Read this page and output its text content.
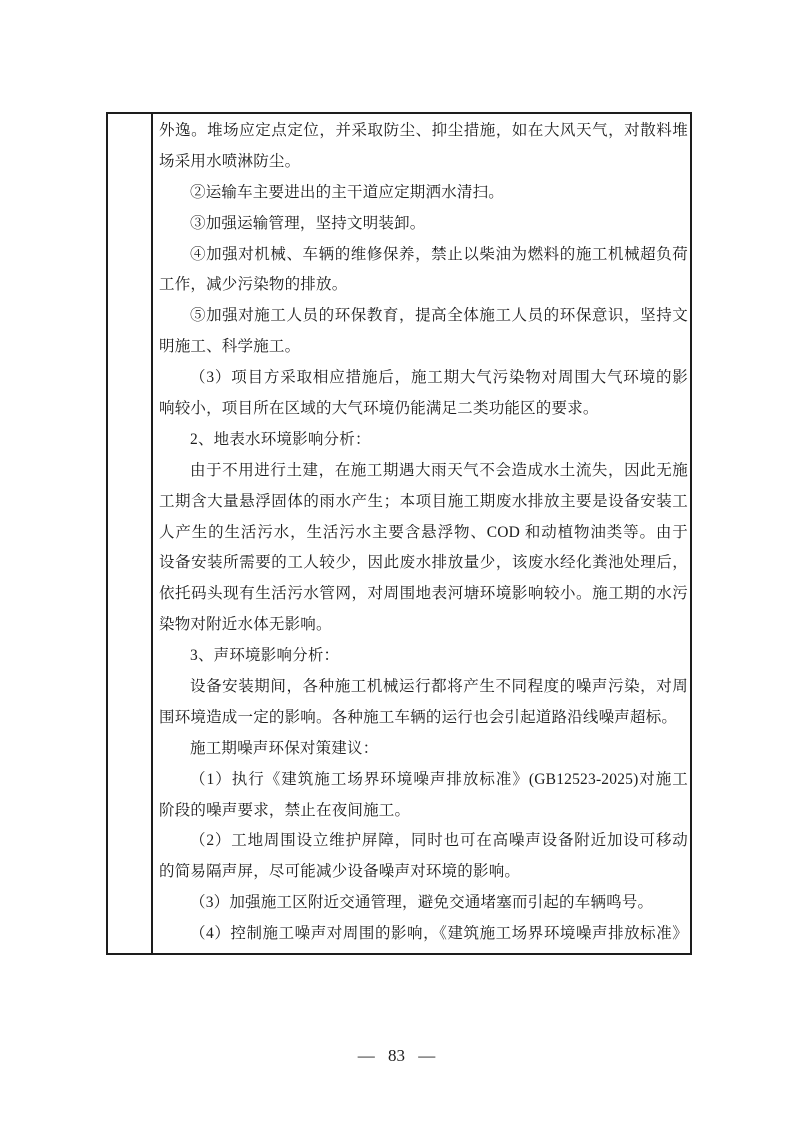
外逸。堆场应定点定位，并采取防尘、抑尘措施，如在大风天气，对散料堆
场采用水喷淋防尘。
②运输车主要进出的主干道应定期洒水清扫。
③加强运输管理，坚持文明装卸。
④加强对机械、车辆的维修保养，禁止以柴油为燃料的施工机械超负荷
工作，减少污染物的排放。
⑤加强对施工人员的环保教育，提高全体施工人员的环保意识，坚持文
明施工、科学施工。
（3）项目方采取相应措施后，施工期大气污染物对周围大气环境的影
响较小，项目所在区域的大气环境仍能满足二类功能区的要求。
2、地表水环境影响分析：
由于不用进行土建，在施工期遇大雨天气不会造成水土流失，因此无施
工期含大量悬浮固体的雨水产生；本项目施工期废水排放主要是设备安装工
人产生的生活污水，生活污水主要含悬浮物、COD 和动植物油类等。由于
设备安装所需要的工人较少，因此废水排放量少，该废水经化粪池处理后，
依托码头现有生活污水管网，对周围地表河塘环境影响较小。施工期的水污
染物对附近水体无影响。
3、声环境影响分析：
设备安装期间，各种施工机械运行都将产生不同程度的噪声污染，对周
围环境造成一定的影响。各种施工车辆的运行也会引起道路沿线噪声超标。
施工期噪声环保对策建议：
（1）执行《建筑施工场界环境噪声排放标准》(GB12523-2025)对施工
阶段的噪声要求，禁止在夜间施工。
（2）工地周围设立维护屏障，同时也可在高噪声设备附近加设可移动
的简易隔声屏，尽可能减少设备噪声对环境的影响。
（3）加强施工区附近交通管理，避免交通堵塞而引起的车辆鸣号。
（4）控制施工噪声对周围的影响，《建筑施工场界环境噪声排放标准》
— 83 —
